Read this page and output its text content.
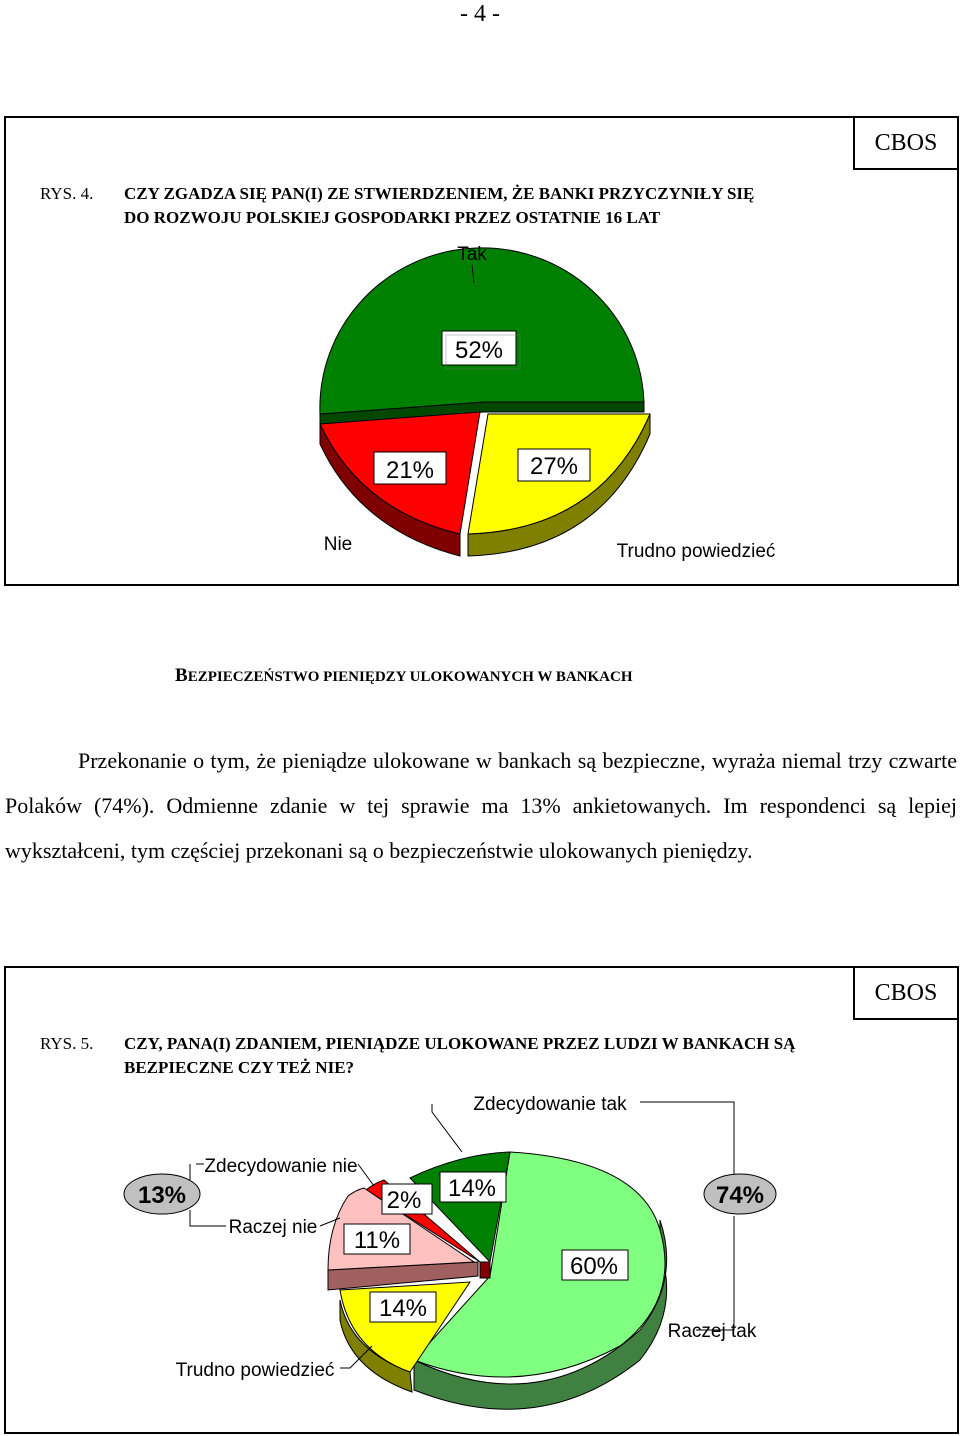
- 4 -
CBOS
RYS. 4. CZY ZGADZA SIĘ PAN(I) ZE STWIERDZENIEM, ŻE BANKI PRZYCZYNIŁY SIĘ
DO ROZWOJU POLSKIEJ GOSPODARKI PRZEZ OSTATNIE 16 LAT
52%
21%	27%
Tak
Nie	Trudno powiedzieć
BEZPIECZEŃSTWO PIENIĘDZY ULOKOWANYCH W BANKACH
Przekonanie o tym, że pieniądze ulokowane w bankach są bezpieczne, wyraża niemal trzy czwarte Polaków (74%). Odmienne zdanie w tej sprawie ma 13% ankietowanych. Im respondenci są lepiej wykształceni, tym częściej przekonani są o bezpieczeństwie ulokowanych pieniędzy.
CBOS
RYS. 5. CZY, PANA(I) ZDANIEM, PIENIĄDZE ULOKOWANE PRZEZ LUDZI W BANKACH SĄ
BEZPIECZNE CZY TEŻ NIE?
2% 14%
11%
60%
14%
13%	74%
Zdecydowanie tak
Zdecydowanie nie
Raczej nie
Trudno powiedzieć
Raczej tak
